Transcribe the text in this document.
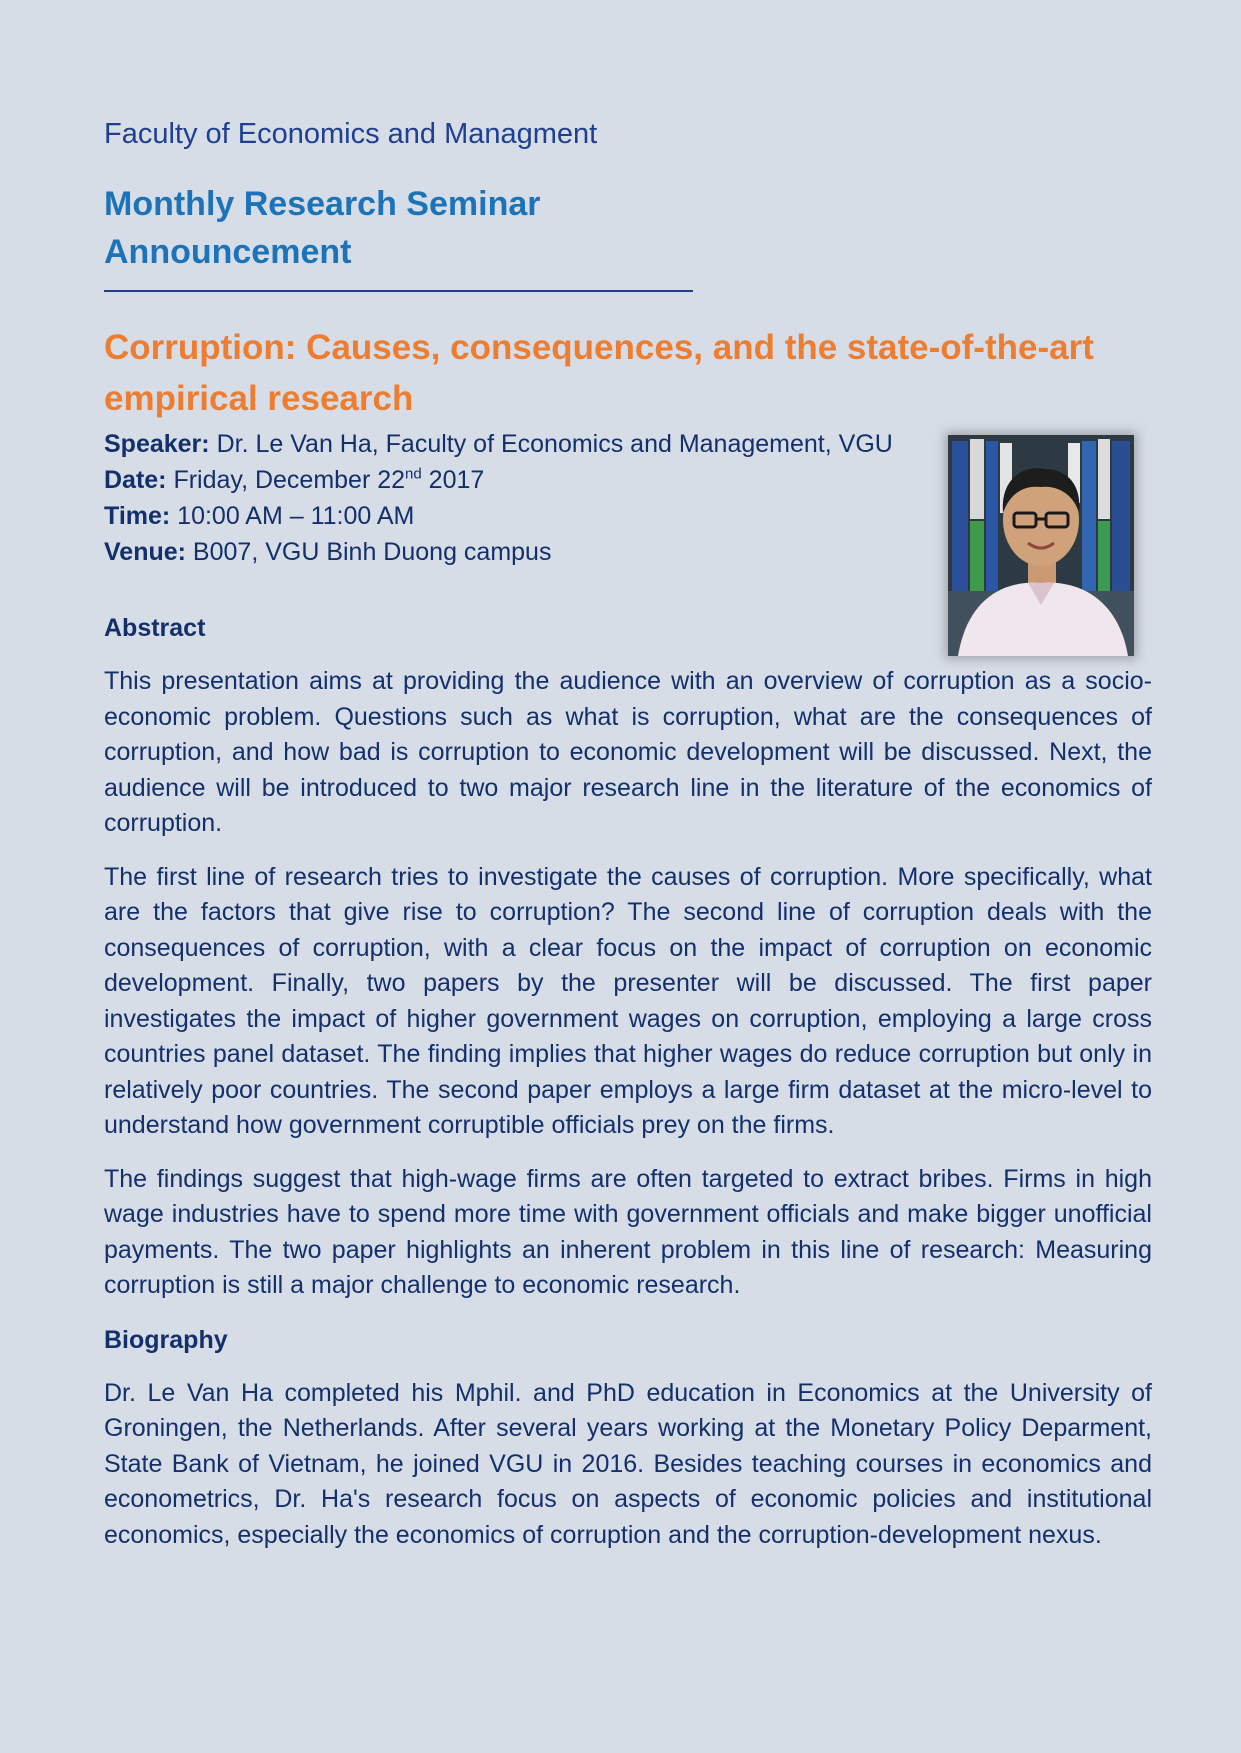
Faculty of Economics and Managment

Monthly Research Seminar
Announcement
Corruption: Causes, consequences, and the state-of-the-art empirical research
Speaker: Dr. Le Van Ha, Faculty of Economics and Management, VGU
Date: Friday, December 22nd 2017
Time: 10:00 AM – 11:00 AM
Venue: B007, VGU Binh Duong campus

Abstract

This presentation aims at providing the audience with an overview of corruption as a socio-economic problem. Questions such as what is corruption, what are the consequences of corruption, and how bad is corruption to economic development will be discussed. Next, the audience will be introduced to two major research line in the literature of the economics of corruption.

The first line of research tries to investigate the causes of corruption. More specifically, what are the factors that give rise to corruption? The second line of corruption deals with the consequences of corruption, with a clear focus on the impact of corruption on economic development. Finally, two papers by the presenter will be discussed. The first paper investigates the impact of higher government wages on corruption, employing a large cross countries panel dataset. The finding implies that higher wages do reduce corruption but only in relatively poor countries. The second paper employs a large firm dataset at the micro-level to understand how government corruptible officials prey on the firms.

The findings suggest that high-wage firms are often targeted to extract bribes. Firms in high wage industries have to spend more time with government officials and make bigger unofficial payments. The two paper highlights an inherent problem in this line of research: Measuring corruption is still a major challenge to economic research.

Biography

Dr. Le Van Ha completed his Mphil. and PhD education in Economics at the University of Groningen, the Netherlands. After several years working at the Monetary Policy Deparment, State Bank of Vietnam, he joined VGU in 2016. Besides teaching courses in economics and econometrics, Dr. Ha's research focus on aspects of economic policies and institutional economics, especially the economics of corruption and the corruption-development nexus.
